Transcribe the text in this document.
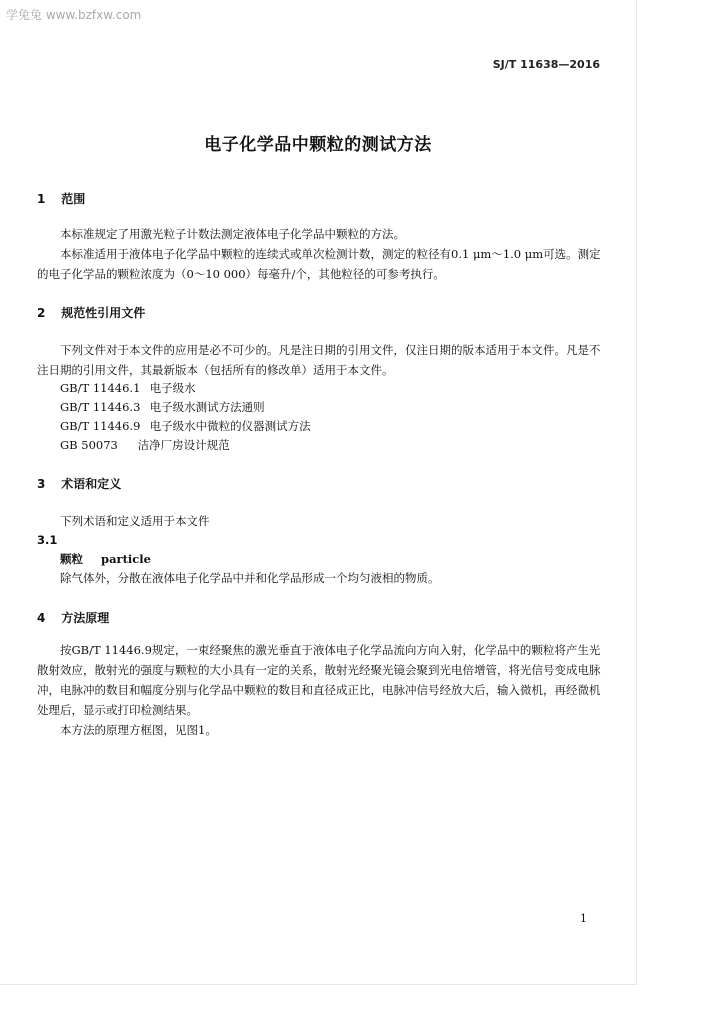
学兔兔 www.bzfxw.com
SJ/T 11638—2016
电子化学品中颗粒的测试方法
1 范围

本标准规定了用激光粒子计数法测定液体电子化学品中颗粒的方法。

本标准适用于液体电子化学品中颗粒的连续式或单次检测计数，测定的粒径有0.1 μm～1.0 μm可选。测定的电子化学品的颗粒浓度为（0～10 000）每毫升/个，其他粒径的可参考执行。

2 规范性引用文件

下列文件对于本文件的应用是必不可少的。凡是注日期的引用文件，仅注日期的版本适用于本文件。凡是不注日期的引用文件，其最新版本（包括所有的修改单）适用于本文件。

GB/T 11446.1 电子级水
GB/T 11446.3 电子级水测试方法通则
GB/T 11446.9 电子级水中微粒的仪器测试方法
GB 50073 洁净厂房设计规范
3 术语和定义
下列术语和定义适用于本文件
3.1
颗粒 particle
除气体外，分散在液体电子化学品中并和化学品形成一个均匀液相的物质。
4 方法原理

按GB/T 11446.9规定，一束经聚焦的激光垂直于液体电子化学品流向方向入射，化学品中的颗粒将产生光散射效应，散射光的强度与颗粒的大小具有一定的关系，散射光经聚光镜会聚到光电倍增管，将光信号变成电脉冲，电脉冲的数目和幅度分别与化学品中颗粒的数目和直径成正比，电脉冲信号经放大后，输入微机，再经微机处理后，显示或打印检测结果。

本方法的原理方框图，见图1。

1
